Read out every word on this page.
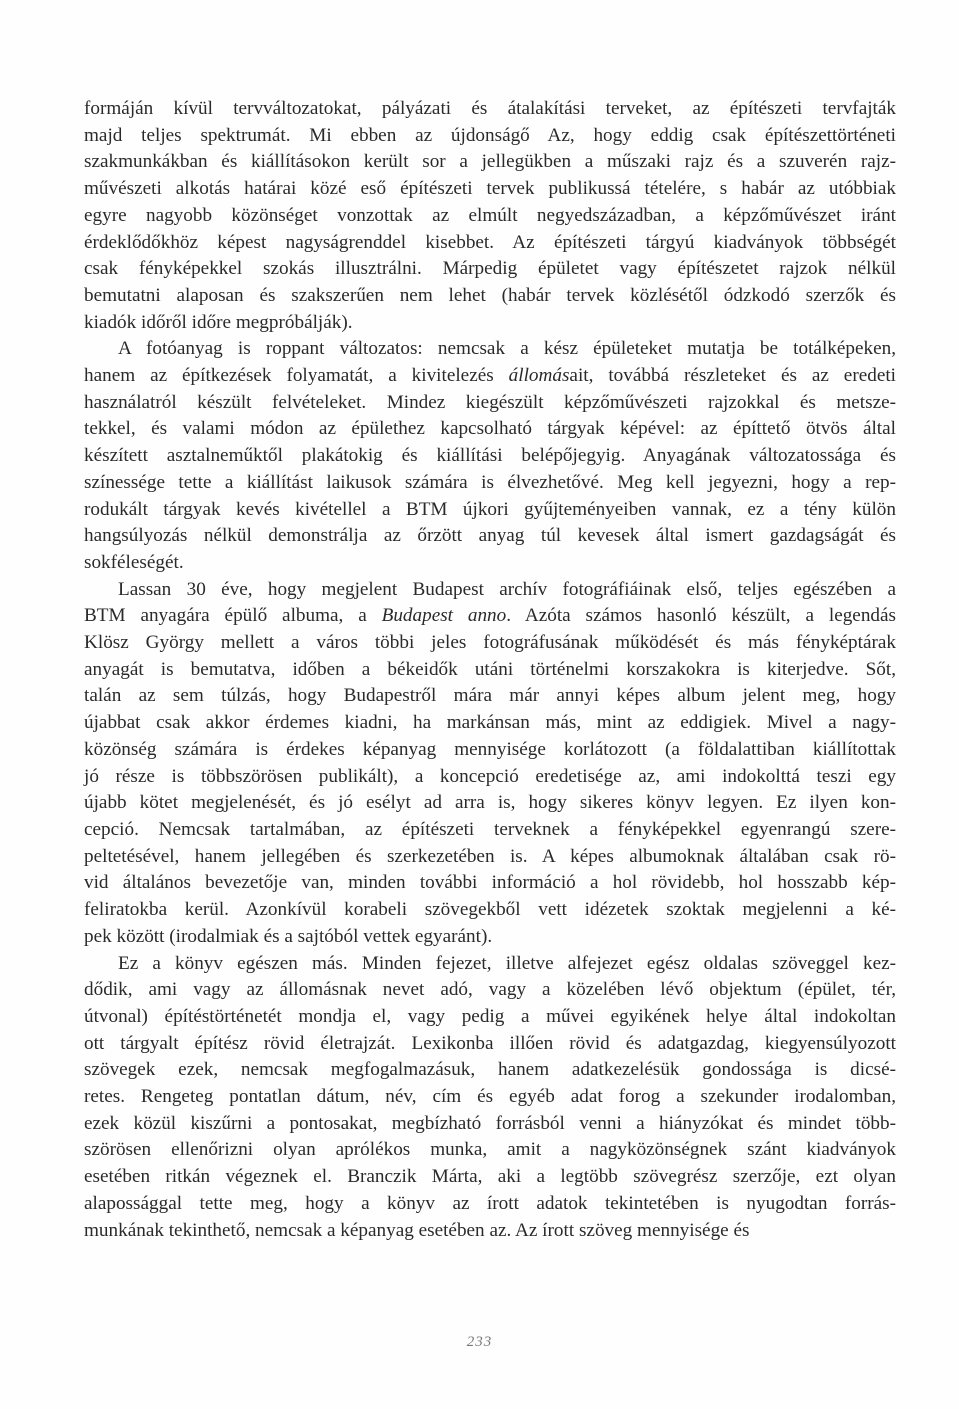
formáján kívül tervváltozatokat, pályázati és átalakítási terveket, az építészeti tervfajták
majd teljes spektrumát. Mi ebben az újdonságő Az, hogy eddig csak építészettörténeti
szakmunkákban és kiállításokon került sor a jellegükben a műszaki rajz és a szuverén rajz-
művészeti alkotás határai közé eső építészeti tervek publikussá tételére, s habár az utóbbiak
egyre nagyobb közönséget vonzottak az elmúlt negyedszázadban, a képzőművészet iránt
érdeklődőkhöz képest nagyságrenddel kisebbet. Az építészeti tárgyú kiadványok többségét
csak fényképekkel szokás illusztrálni. Márpedig épületet vagy építészetet rajzok nélkül
bemutatni alaposan és szakszerűen nem lehet (habár tervek közlésétől ódzkodó szerzők és
kiadók időről időre megpróbálják).
A fotóanyag is roppant változatos: nemcsak a kész épületeket mutatja be totálképeken,
hanem az építkezések folyamatát, a kivitelezés állomásait, továbbá részleteket és az eredeti
használatról készült felvételeket. Mindez kiegészült képzőművészeti rajzokkal és metsze-
tekkel, és valami módon az épülethez kapcsolható tárgyak képével: az építtető ötvös által
készített asztalneműktől plakátokig és kiállítási belépőjegyig. Anyagának változatossága és
színessége tette a kiállítást laikusok számára is élvezhetővé. Meg kell jegyezni, hogy a rep-
rodukált tárgyak kevés kivétellel a BTM újkori gyűjteményeiben vannak, ez a tény külön
hangsúlyozás nélkül demonstrálja az őrzött anyag túl kevesek által ismert gazdagságát és
sokféleségét.
Lassan 30 éve, hogy megjelent Budapest archív fotográfiáinak első, teljes egészében a
BTM anyagára épülő albuma, a Budapest anno. Azóta számos hasonló készült, a legendás
Klösz György mellett a város többi jeles fotográfusának működését és más fényképtárak
anyagát is bemutatva, időben a békeidők utáni történelmi korszakokra is kiterjedve. Sőt,
talán az sem túlzás, hogy Budapestről mára már annyi képes album jelent meg, hogy
újabbat csak akkor érdemes kiadni, ha markánsan más, mint az eddigiek. Mivel a nagy-
közönség számára is érdekes képanyag mennyisége korlátozott (a földalattiban kiállítottak
jó része is többszörösen publikált), a koncepció eredetisége az, ami indokolttá teszi egy
újabb kötet megjelenését, és jó esélyt ad arra is, hogy sikeres könyv legyen. Ez ilyen kon-
cepció. Nemcsak tartalmában, az építészeti terveknek a fényképekkel egyenrangú szere-
peltetésével, hanem jellegében és szerkezetében is. A képes albumoknak általában csak rö-
vid általános bevezetője van, minden további információ a hol rövidebb, hol hosszabb kép-
feliratokba kerül. Azonkívül korabeli szövegekből vett idézetek szoktak megjelenni a ké-
pek között (irodalmiak és a sajtóból vettek egyaránt).
Ez a könyv egészen más. Minden fejezet, illetve alfejezet egész oldalas szöveggel kez-
dődik, ami vagy az állomásnak nevet adó, vagy a közelében lévő objektum (épület, tér,
útvonal) építéstörténetét mondja el, vagy pedig a művei egyikének helye által indokoltan
ott tárgyalt építész rövid életrajzát. Lexikonba illően rövid és adatgazdag, kiegyensúlyozott
szövegek ezek, nemcsak megfogalmazásuk, hanem adatkezelésük gondossága is dicsé-
retes. Rengeteg pontatlan dátum, név, cím és egyéb adat forog a szekunder irodalomban,
ezek közül kiszűrni a pontosakat, megbízható forrásból venni a hiányzókat és mindet több-
szörösen ellenőrizni olyan aprólékos munka, amit a nagyközönségnek szánt kiadványok
esetében ritkán végeznek el. Branczik Márta, aki a legtöbb szövegrész szerzője, ezt olyan
alapossággal tette meg, hogy a könyv az írott adatok tekintetében is nyugodtan forrás-
munkának tekinthető, nemcsak a képanyag esetében az. Az írott szöveg mennyisége és
233
